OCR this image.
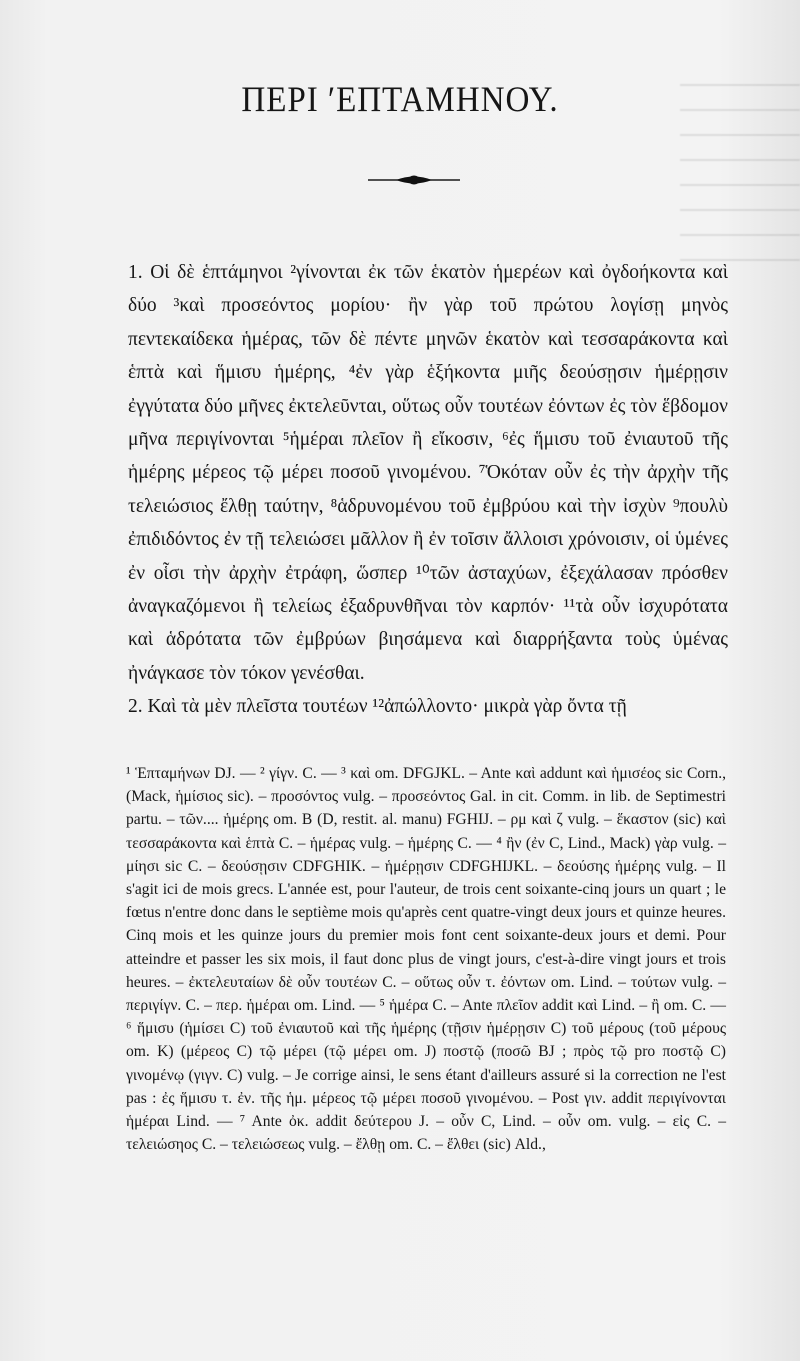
ΠΕΡΙ ʹΕΠΤΑΜΗΝΟΥ.

1. Οἱ δὲ ἑπτάμηνοι ²γίνονται ἐκ τῶν ἑκατὸν ἡμερέων καὶ ὀγδοήκοντα καὶ δύο ³καὶ προσεόντος μορίου· ἢν γὰρ τοῦ πρώτου λογίσῃ μηνὸς πεντεκαίδεκα ἡμέρας, τῶν δὲ πέντε μηνῶν ἑκατὸν καὶ τεσσαράκοντα καὶ ἑπτὰ καὶ ἥμισυ ἡμέρης, ⁴ἐν γὰρ ἑξήκοντα μιῆς δεούσῃσιν ἡμέρῃσιν ἐγγύτατα δύο μῆνες ἐκτελεῦνται, οὕτως οὖν τουτέων ἐόντων ἐς τὸν ἕβδομον μῆνα περιγίνονται ⁵ἡμέραι πλεῖον ἢ εἴκοσιν, ⁶ἐς ἥμισυ τοῦ ἐνιαυτοῦ τῆς ἡμέρης μέρεος τῷ μέρει ποσοῦ γινομένου. ⁷Ὁκόταν οὖν ἐς τὴν ἀρχὴν τῆς τελειώσιος ἔλθῃ ταύτην, ⁸ἁδρυνομένου τοῦ ἐμβρύου καὶ τὴν ἰσχὺν ⁹πουλὺ ἐπιδιδόντος ἐν τῇ τελειώσει μᾶλλον ἢ ἐν τοῖσιν ἄλλοισι χρόνοισιν, οἱ ὑμένες ἐν οἷσι τὴν ἀρχὴν ἐτράφη, ὥσπερ ¹⁰τῶν ἀσταχύων, ἐξεχάλασαν πρόσθεν ἀναγκαζόμενοι ἢ τελείως ἐξαδρυνθῆναι τὸν καρπόν· ¹¹τὰ οὖν ἰσχυρότατα καὶ ἁδρότατα τῶν ἐμβρύων βιησάμενα καὶ διαρρήξαντα τοὺς ὑμένας ἠνάγκασε τὸν τόκον γενέσθαι.

2. Καὶ τὰ μὲν πλεῖστα τουτέων ¹²ἀπώλλοντο· μικρὰ γὰρ ὄντα τῇ

¹ Ἑπταμήνων DJ. — ² γίγν. C. — ³ καὶ om. DFGJKL. – Ante καὶ addunt καὶ ἡμισέος sic Corn., (Mack, ἡμίσιος sic). – προσόντος vulg. – προσεόντος Gal. in cit. Comm. in lib. de Septimestri partu. – τῶν.... ἡμέρης om. B (D, restit. al. manu) FGHIJ. – ρμ καὶ ζ vulg. – ἕκαστον (sic) καὶ τεσσαράκοντα καὶ ἑπτὰ C. – ἡμέρας vulg. – ἡμέρης C. — ⁴ ἢν (ἐν C, Lind., Mack) γὰρ vulg. – μίησι sic C. – δεούσῃσιν CDFGHIK. – ἡμέρῃσιν CDFGHIJKL. – δεούσης ἡμέρης vulg. – Il s'agit ici de mois grecs. L'année est, pour l'auteur, de trois cent soixante-cinq jours un quart ; le fœtus n'entre donc dans le septième mois qu'après cent quatre-vingt deux jours et quinze heures. Cinq mois et les quinze jours du premier mois font cent soixante-deux jours et demi. Pour atteindre et passer les six mois, il faut donc plus de vingt jours, c'est-à-dire vingt jours et trois heures. – ἐκτελευταίων δὲ οὖν τουτέων C. – οὕτως οὖν τ. ἐόντων om. Lind. – τούτων vulg. – περιγίγν. C. – περ. ἡμέραι om. Lind. — ⁵ ἡμέρα C. – Ante πλεῖον addit καὶ Lind. – ἢ om. C. — ⁶ ἥμισυ (ἡμίσει C) τοῦ ἐνιαυτοῦ καὶ τῆς ἡμέρης (τῇσιν ἡμέρῃσιν C) τοῦ μέρους (τοῦ μέρους om. K) (μέρεος C) τῷ μέρει (τῷ μέρει om. J) ποστῷ (ποσῶ BJ ; πρὸς τῷ pro ποστῷ C) γινομένῳ (γιγν. C) vulg. – Je corrige ainsi, le sens étant d'ailleurs assuré si la correction ne l'est pas : ἐς ἥμισυ τ. ἐν. τῆς ἡμ. μέρεος τῷ μέρει ποσοῦ γινομένου. – Post γιν. addit περιγίνονται ἡμέραι Lind. — ⁷ Ante ὀκ. addit δεύτερου J. – οὖν C, Lind. – οὖν om. vulg. – εἰς C. – τελειώσηος C. – τελειώσεως vulg. – ἔλθῃ om. C. – ἔλθει (sic) Ald.,
